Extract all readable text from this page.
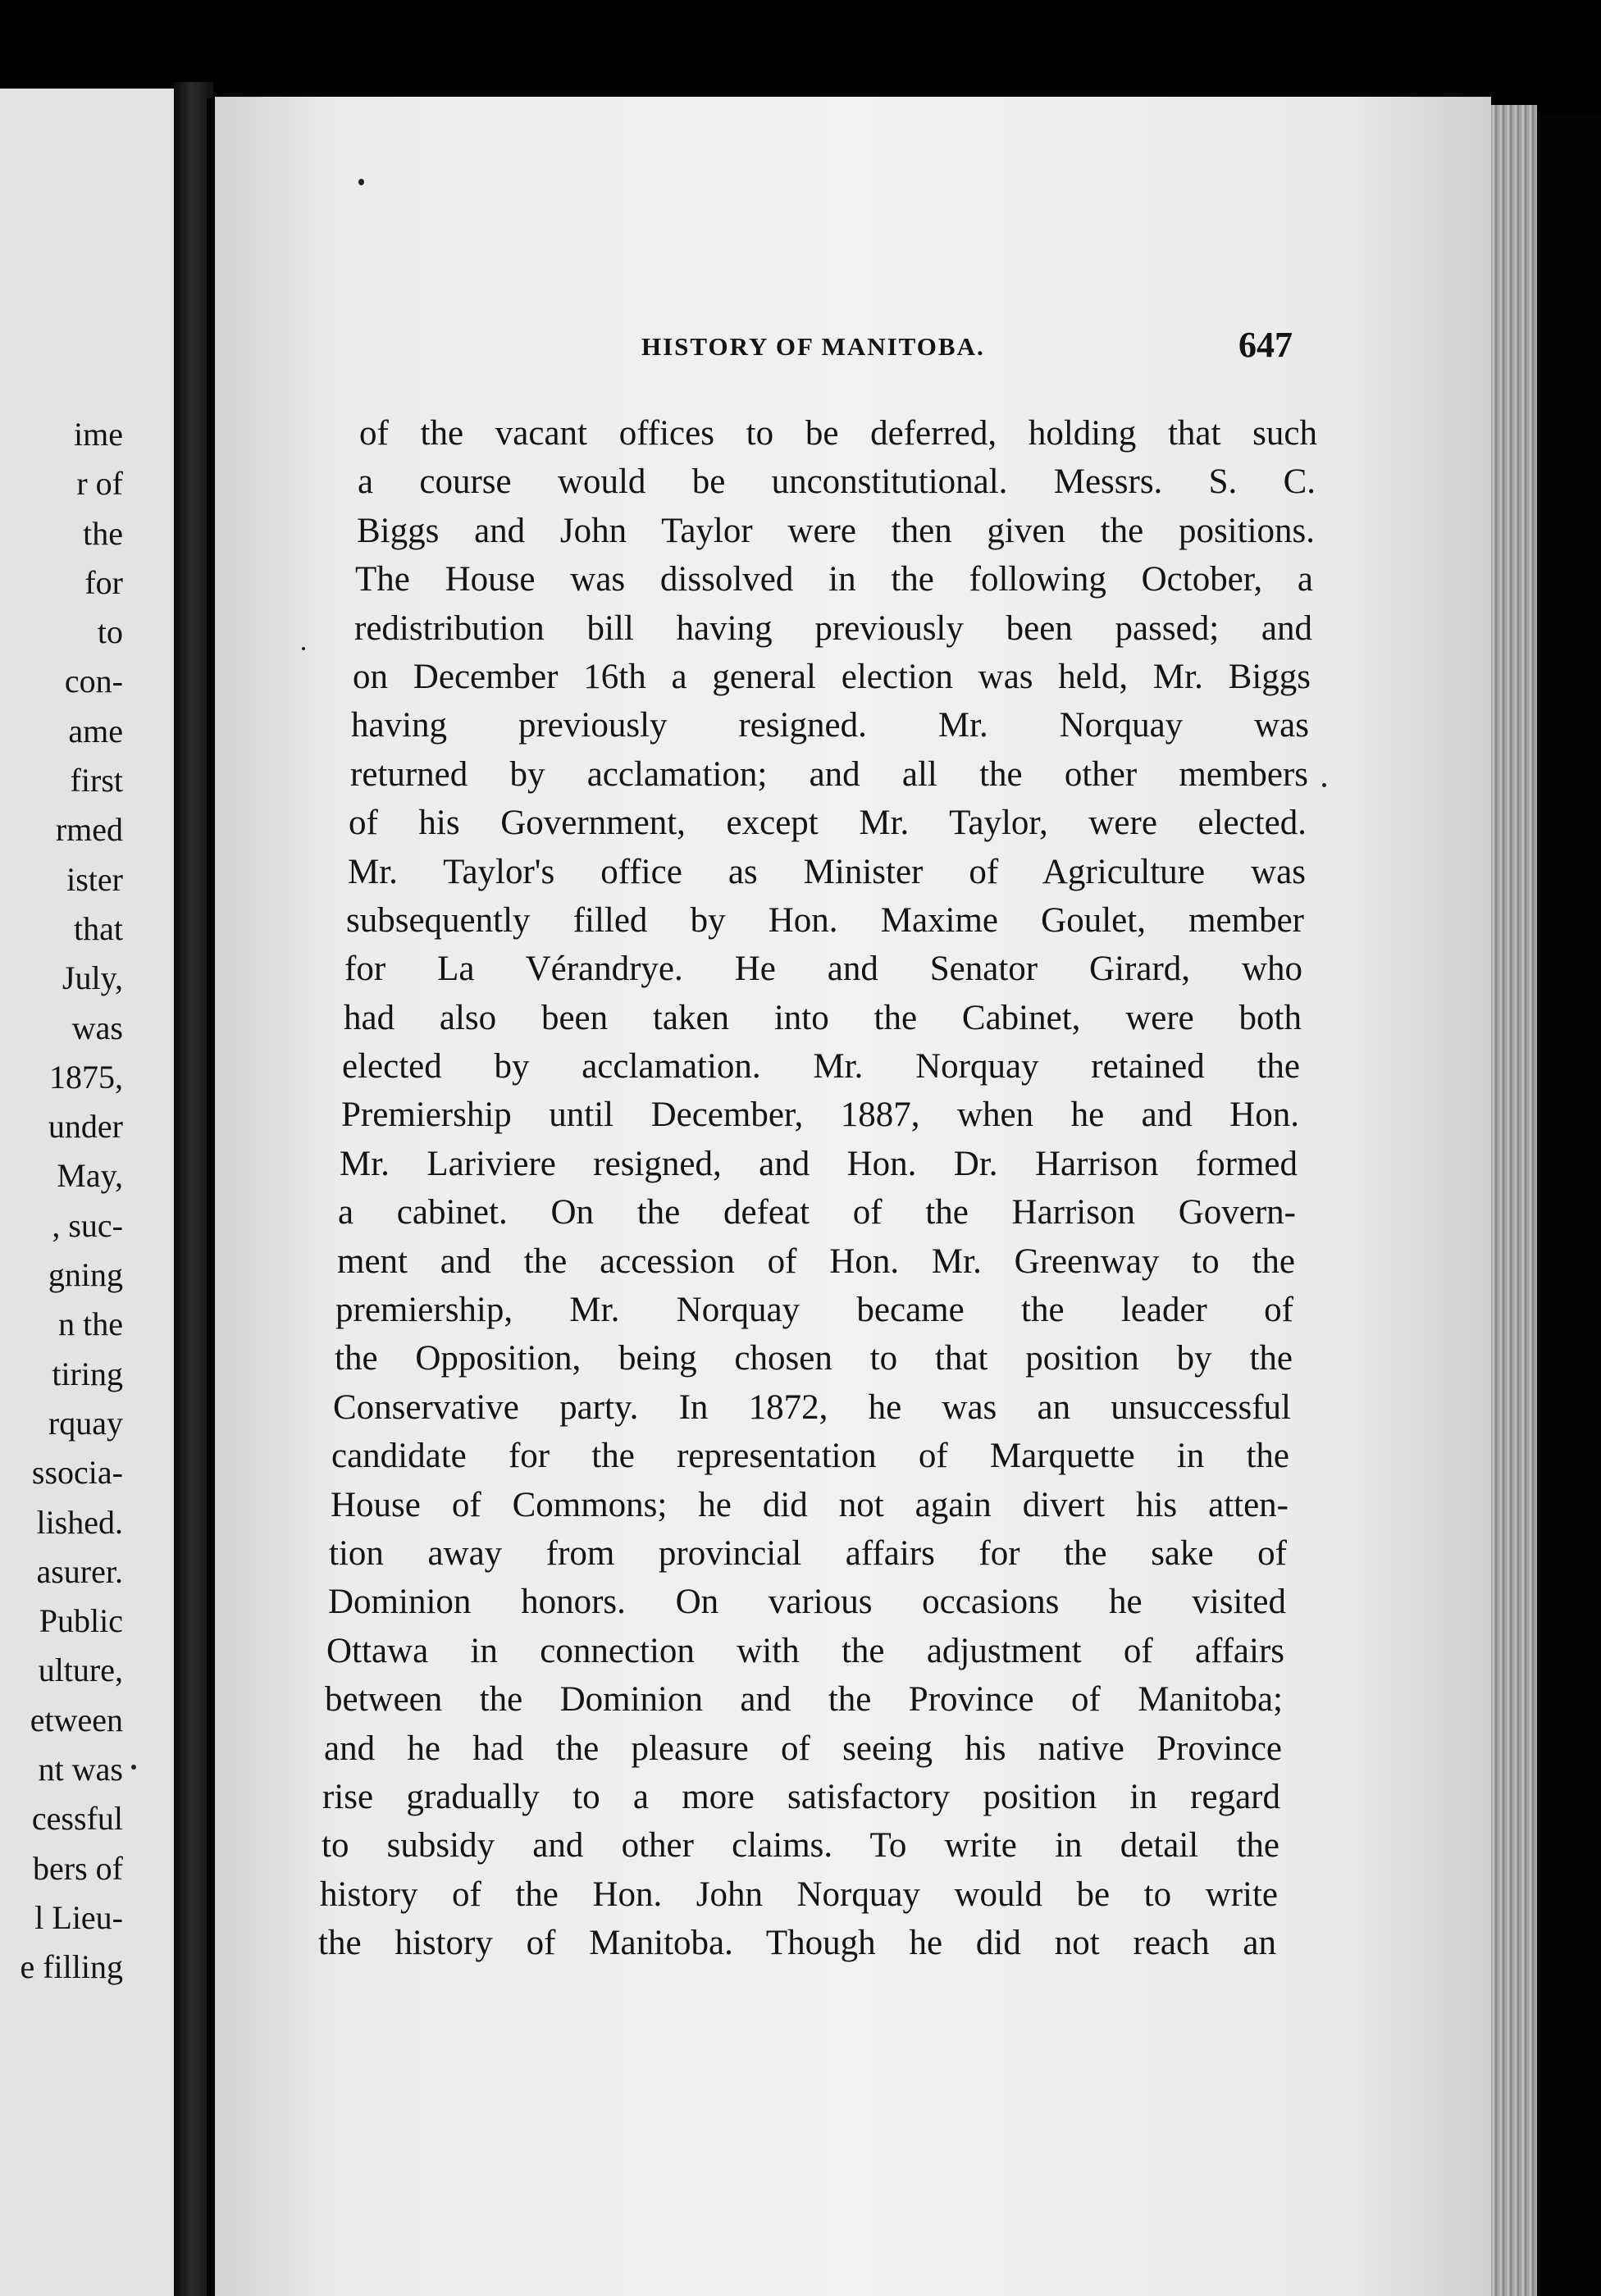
ime
r of
the
for
to
con-
ame
first
rmed
ister
that
July,
was
1875,
under
May,
, suc-
gning
n the
tiring
rquay
ssocia-
lished.
asurer.
Public
ulture,
etween
nt was
cessful
bers of
l Lieu-
e filling
HISTORY OF MANITOBA.	647
of the vacant offices to be deferred, holding that such
a course would be unconstitutional. Messrs. S. C.
Biggs and John Taylor were then given the positions.
The House was dissolved in the following October, a
redistribution bill having previously been passed; and
on December 16th a general election was held, Mr. Biggs
having previously resigned. Mr. Norquay was
returned by acclamation; and all the other members
of his Government, except Mr. Taylor, were elected.
Mr. Taylor's office as Minister of Agriculture was
subsequently filled by Hon. Maxime Goulet, member
for La Vérandrye. He and Senator Girard, who
had also been taken into the Cabinet, were both
elected by acclamation. Mr. Norquay retained the
Premiership until December, 1887, when he and Hon.
Mr. Lariviere resigned, and Hon. Dr. Harrison formed
a cabinet. On the defeat of the Harrison Govern-
ment and the accession of Hon. Mr. Greenway to the
premiership, Mr. Norquay became the leader of
the Opposition, being chosen to that position by the
Conservative party. In 1872, he was an unsuccessful
candidate for the representation of Marquette in the
House of Commons; he did not again divert his atten-
tion away from provincial affairs for the sake of
Dominion honors. On various occasions he visited
Ottawa in connection with the adjustment of affairs
between the Dominion and the Province of Manitoba;
and he had the pleasure of seeing his native Province
rise gradually to a more satisfactory position in regard
to subsidy and other claims. To write in detail the
history of the Hon. John Norquay would be to write
the history of Manitoba. Though he did not reach an
